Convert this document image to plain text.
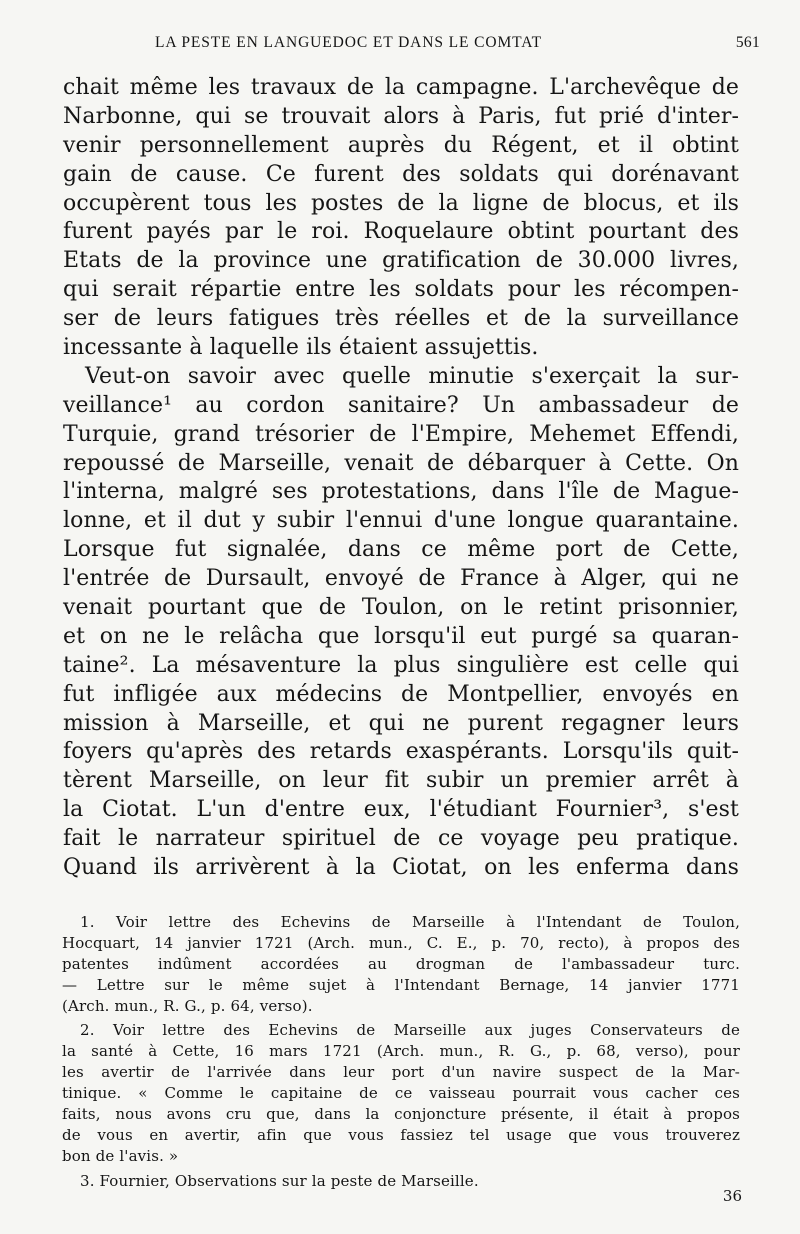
LA PESTE EN LANGUEDOC ET DANS LE COMTAT	561
chait même les travaux de la campagne. L'archevêque de
Narbonne, qui se trouvait alors à Paris, fut prié d'inter-
venir personnellement auprès du Régent, et il obtint
gain de cause. Ce furent des soldats qui dorénavant
occupèrent tous les postes de la ligne de blocus, et ils
furent payés par le roi. Roquelaure obtint pourtant des
Etats de la province une gratification de 30.000 livres,
qui serait répartie entre les soldats pour les récompen-
ser de leurs fatigues très réelles et de la surveillance
incessante à laquelle ils étaient assujettis.
Veut-on savoir avec quelle minutie s'exerçait la sur-
veillance¹ au cordon sanitaire? Un ambassadeur de
Turquie, grand trésorier de l'Empire, Mehemet Effendi,
repoussé de Marseille, venait de débarquer à Cette. On
l'interna, malgré ses protestations, dans l'île de Mague-
lonne, et il dut y subir l'ennui d'une longue quarantaine.
Lorsque fut signalée, dans ce même port de Cette,
l'entrée de Dursault, envoyé de France à Alger, qui ne
venait pourtant que de Toulon, on le retint prisonnier,
et on ne le relâcha que lorsqu'il eut purgé sa quaran-
taine². La mésaventure la plus singulière est celle qui
fut infligée aux médecins de Montpellier, envoyés en
mission à Marseille, et qui ne purent regagner leurs
foyers qu'après des retards exaspérants. Lorsqu'ils quit-
tèrent Marseille, on leur fit subir un premier arrêt à
la Ciotat. L'un d'entre eux, l'étudiant Fournier³, s'est
fait le narrateur spirituel de ce voyage peu pratique.
Quand ils arrivèrent à la Ciotat, on les enferma dans
1. Voir lettre des Echevins de Marseille à l'Intendant de Toulon,
Hocquart, 14 janvier 1721 (Arch. mun., C. E., p. 70, recto), à propos des
patentes indûment accordées au drogman de l'ambassadeur turc.
— Lettre sur le même sujet à l'Intendant Bernage, 14 janvier 1771
(Arch. mun., R. G., p. 64, verso).
2. Voir lettre des Echevins de Marseille aux juges Conservateurs de
la santé à Cette, 16 mars 1721 (Arch. mun., R. G., p. 68, verso), pour
les avertir de l'arrivée dans leur port d'un navire suspect de la Mar-
tinique. « Comme le capitaine de ce vaisseau pourrait vous cacher ces
faits, nous avons cru que, dans la conjoncture présente, il était à propos
de vous en avertir, afin que vous fassiez tel usage que vous trouverez
bon de l'avis. »
3. Fournier, Observations sur la peste de Marseille.
36
